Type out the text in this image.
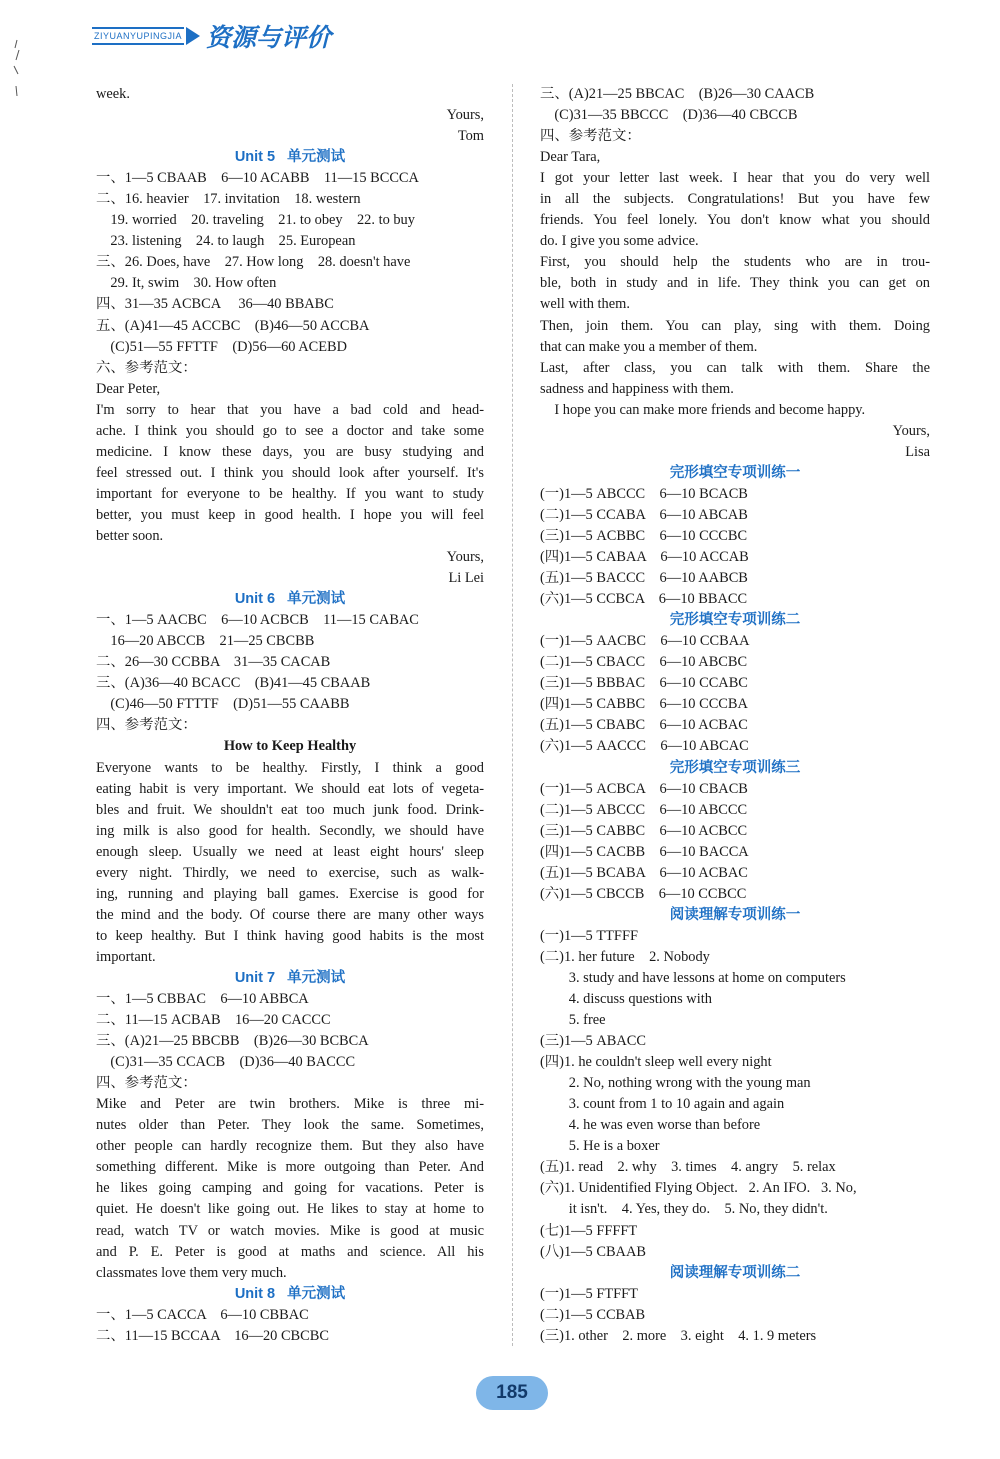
ZIYUANYUPINGJIA 资源与评价
week.
Yours,
Tom
Unit 5   单元测试
一、1—5 CBAAB    6—10 ACABB    11—15 BCCCA
二、16. heavier    17. invitation    18. western
19. worried    20. traveling    21. to obey    22. to buy
23. listening    24. to laugh    25. European
三、26. Does, have    27. How long    28. doesn't have
29. It, swim    30. How often
四、31—35 ACBCA     36—40 BBABC
五、(A)41—45 ACCBC    (B)46—50 ACCBA
(C)51—55 FFTTF    (D)56—60 ACEBD
六、参考范文：
Dear Peter,
I'm sorry to hear that you have a bad cold and head-
ache. I think you should go to see a doctor and take some
medicine. I know these days, you are busy studying and
feel stressed out. I think you should look after yourself. It's
important for everyone to be healthy. If you want to study
better, you must keep in good health. I hope you will feel
better soon.
Yours,
Li Lei
Unit 6   单元测试
一、1—5 AACBC    6—10 ACBCB    11—15 CABAC
16—20 ABCCB    21—25 CBCBB
二、26—30 CCBBA    31—35 CACAB
三、(A)36—40 BCACC    (B)41—45 CBAAB
(C)46—50 FTTTF    (D)51—55 CAABB
四、参考范文：
How to Keep Healthy
Everyone wants to be healthy. Firstly, I think a good
eating habit is very important. We should eat lots of vegeta-
bles and fruit. We shouldn't eat too much junk food. Drink-
ing milk is also good for health. Secondly, we should have
enough sleep. Usually we need at least eight hours' sleep
every night. Thirdly, we need to exercise, such as walk-
ing, running and playing ball games. Exercise is good for
the mind and the body. Of course there are many other ways
to keep healthy. But I think having good habits is the most
important.
Unit 7   单元测试
一、1—5 CBBAC    6—10 ABBCA
二、11—15 ACBAB    16—20 CACCC
三、(A)21—25 BBCBB    (B)26—30 BCBCA
(C)31—35 CCACB    (D)36—40 BACCC
四、参考范文：
Mike and Peter are twin brothers. Mike is three mi-
nutes older than Peter. They look the same. Sometimes,
other people can hardly recognize them. But they also have
something different. Mike is more outgoing than Peter. And
he likes going camping and going for vacations. Peter is
quiet. He doesn't like going out. He likes to stay at home to
read, watch TV or watch movies. Mike is good at music
and P. E. Peter is good at maths and science. All his
classmates love them very much.
Unit 8   单元测试
一、1—5 CACCA    6—10 CBBAC
二、11—15 BCCAA    16—20 CBCBC
三、(A)21—25 BBCAC    (B)26—30 CAACB
(C)31—35 BBCCC    (D)36—40 CBCCB
四、参考范文：
Dear Tara,
I got your letter last week. I hear that you do very well
in all the subjects. Congratulations! But you have few
friends. You feel lonely. You don't know what you should
do. I give you some advice.
First, you should help the students who are in trou-
ble, both in study and in life. They think you can get on
well with them.
Then, join them. You can play, sing with them. Doing
that can make you a member of them.
Last, after class, you can talk with them. Share the
sadness and happiness with them.
I hope you can make more friends and become happy.
Yours,
Lisa
完形填空专项训练一
(一)1—5 ABCCC    6—10 BCACB
(二)1—5 CCABA    6—10 ABCAB
(三)1—5 ACBBC    6—10 CCCBC
(四)1—5 CABAA    6—10 ACCAB
(五)1—5 BACCC    6—10 AABCB
(六)1—5 CCBCA    6—10 BBACC
完形填空专项训练二
(一)1—5 AACBC    6—10 CCBAA
(二)1—5 CBACC    6—10 ABCBC
(三)1—5 BBBAC    6—10 CCABC
(四)1—5 CABBC    6—10 CCCBA
(五)1—5 CBABC    6—10 ACBAC
(六)1—5 AACCC    6—10 ABCAC
完形填空专项训练三
(一)1—5 ACBCA    6—10 CBACB
(二)1—5 ABCCC    6—10 ABCCC
(三)1—5 CABBC    6—10 ACBCC
(四)1—5 CACBB    6—10 BACCA
(五)1—5 BCABA    6—10 ACBAC
(六)1—5 CBCCB    6—10 CCBCC
阅读理解专项训练一
(一)1—5 TTFFF
(二)1. her future    2. Nobody
3. study and have lessons at home on computers
4. discuss questions with
5. free
(三)1—5 ABACC
(四)1. he couldn't sleep well every night
2. No, nothing wrong with the young man
3. count from 1 to 10 again and again
4. he was even worse than before
5. He is a boxer
(五)1. read    2. why    3. times    4. angry    5. relax
(六)1. Unidentified Flying Object.   2. An IFO.   3. No,
it isn't.    4. Yes, they do.    5. No, they didn't.
(七)1—5 FFFFT
(八)1—5 CBAAB
阅读理解专项训练二
(一)1—5 FTFFT
(二)1—5 CCBAB
(三)1. other    2. more    3. eight    4. 1. 9 meters
185
